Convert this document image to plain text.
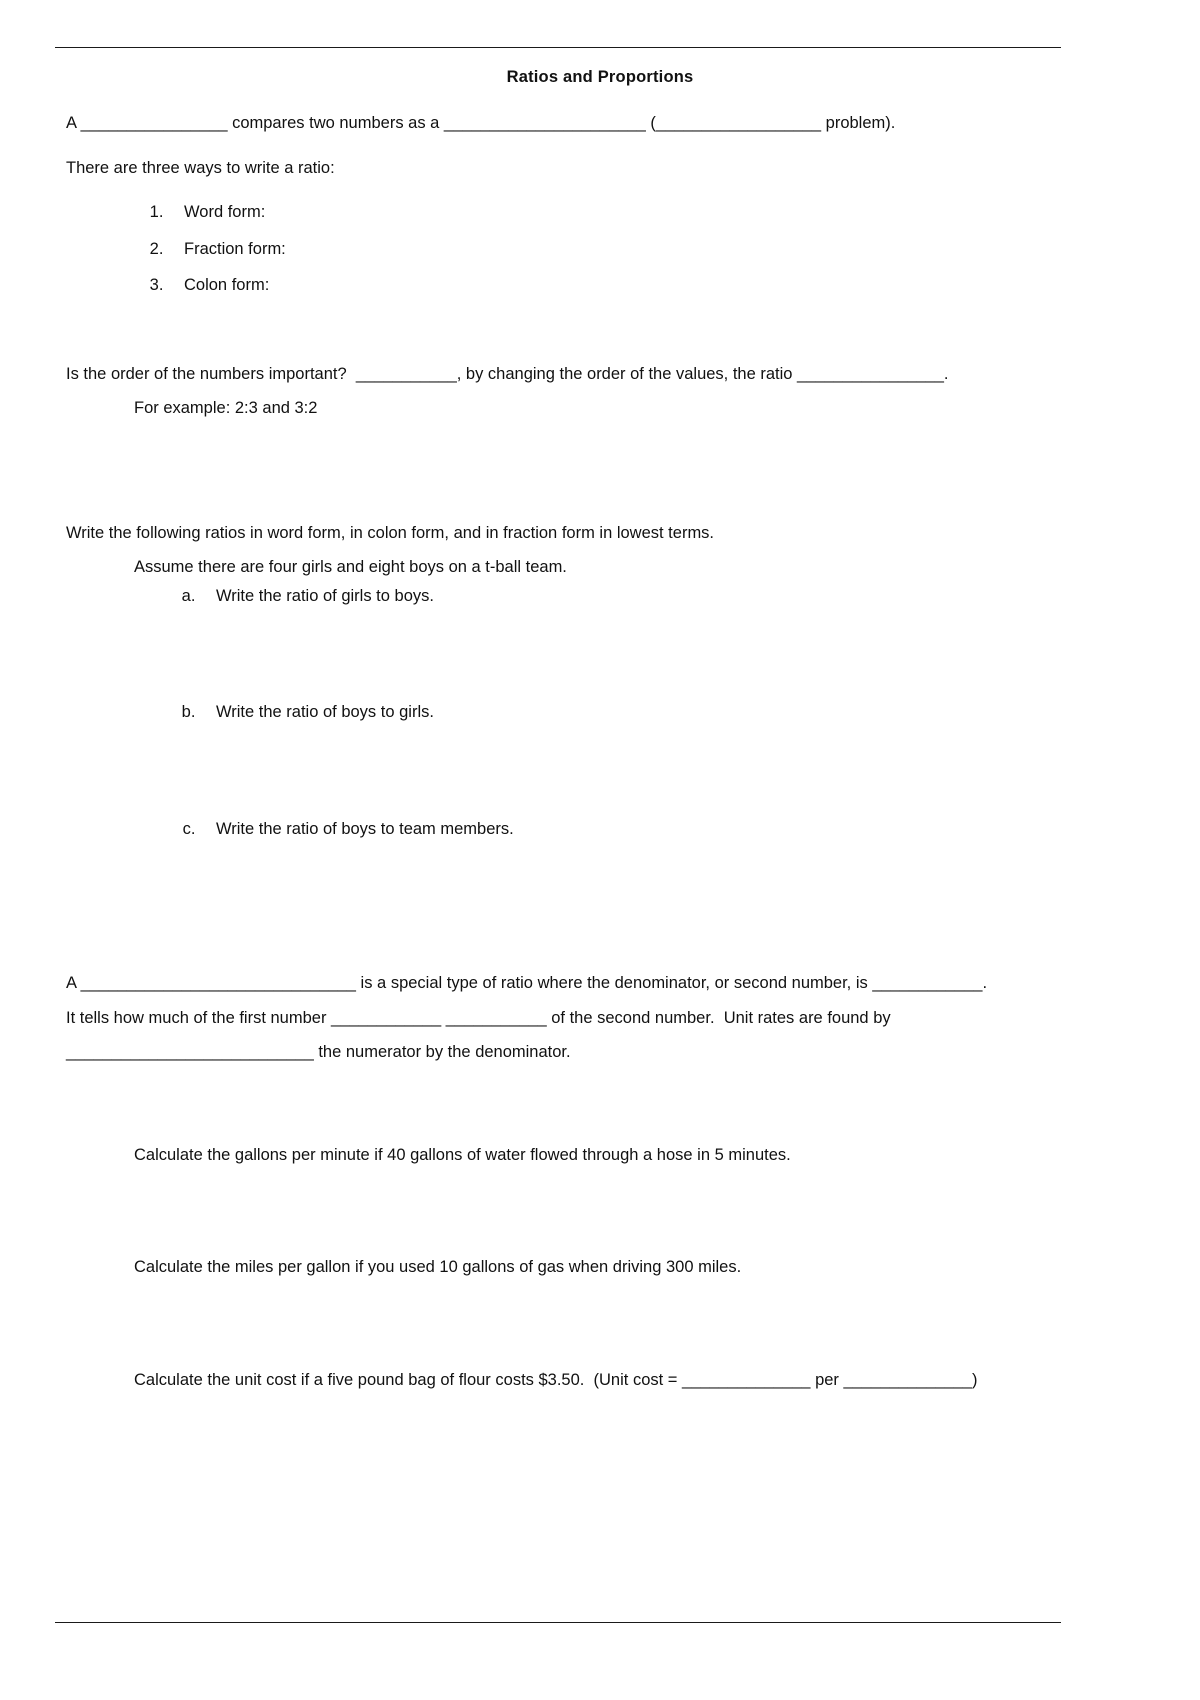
Ratios and Proportions

A ________________ compares two numbers as a ______________________ (__________________ problem).

There are three ways to write a ratio:

1. Word form:
2. Fraction form:
3. Colon form:

Is the order of the numbers important?  ___________, by changing the order of the values, the ratio ________________.

For example: 2:3 and 3:2

Write the following ratios in word form, in colon form, and in fraction form in lowest terms.

Assume there are four girls and eight boys on a t-ball team.

a. Write the ratio of girls to boys.
b. Write the ratio of boys to girls.
c. Write the ratio of boys to team members.

A ______________________________ is a special type of ratio where the denominator, or second number, is ____________.

It tells how much of the first number ____________ ___________ of the second number.  Unit rates are found by

___________________________ the numerator by the denominator.

Calculate the gallons per minute if 40 gallons of water flowed through a hose in 5 minutes.

Calculate the miles per gallon if you used 10 gallons of gas when driving 300 miles.

Calculate the unit cost if a five pound bag of flour costs $3.50.  (Unit cost = ______________ per ______________)
